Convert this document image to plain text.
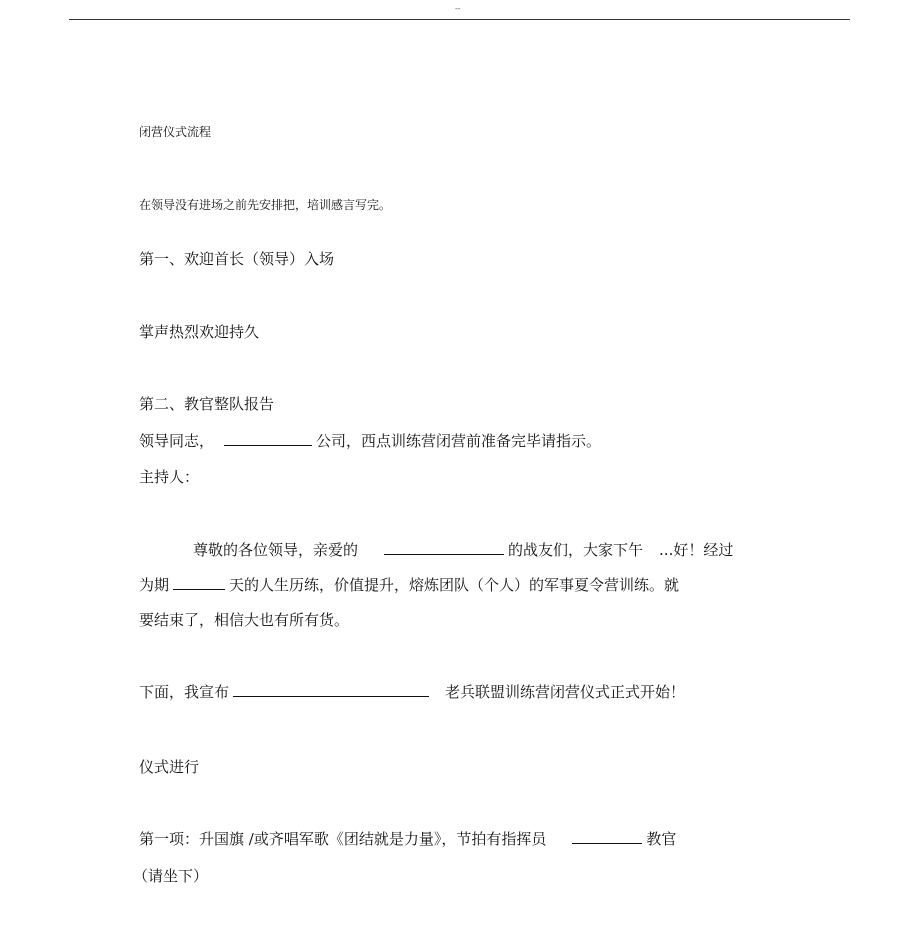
--
闭营仪式流程
在领导没有进场之前先安排把，培训感言写完。
第一、欢迎首长（领导）入场
掌声热烈欢迎持久
第二、教官整队报告
领导同志，	公司，西点训练营闭营前准备完毕请指示。
主持人：
尊敬的各位领导，亲爱的	的战友们，大家下午 ...好！经过
为期	天的人生历练，价值提升，熔炼团队（个人）的军事夏令营训练。就
要结束了，相信大也有所有货。
下面，我宣布	老兵联盟训练营闭营仪式正式开始！
仪式进行
第一项：升国旗 /或齐唱军歌《团结就是力量》，节拍有指挥员	教官
（请坐下）
